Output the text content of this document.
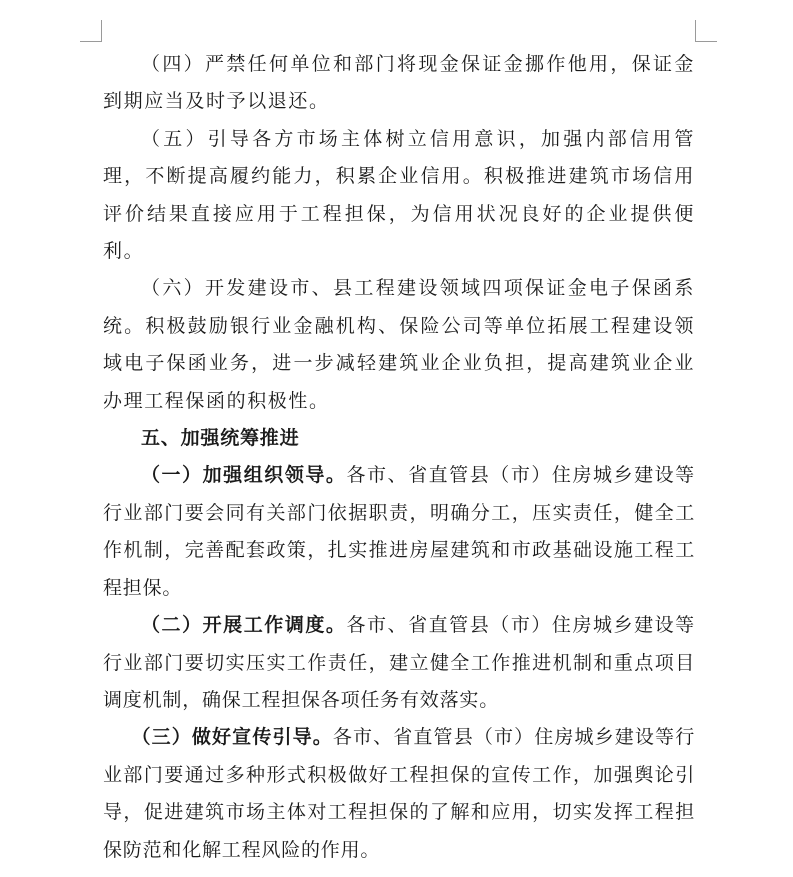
（四）严禁任何单位和部门将现金保证金挪作他用，保证金到期应当及时予以退还。

（五）引导各方市场主体树立信用意识，加强内部信用管理，不断提高履约能力，积累企业信用。积极推进建筑市场信用评价结果直接应用于工程担保，为信用状况良好的企业提供便利。

（六）开发建设市、县工程建设领域四项保证金电子保函系统。积极鼓励银行业金融机构、保险公司等单位拓展工程建设领域电子保函业务，进一步减轻建筑业企业负担，提高建筑业企业办理工程保函的积极性。

五、加强统筹推进

（一）加强组织领导。各市、省直管县（市）住房城乡建设等行业部门要会同有关部门依据职责，明确分工，压实责任，健全工作机制，完善配套政策，扎实推进房屋建筑和市政基础设施工程工程担保。

（二）开展工作调度。各市、省直管县（市）住房城乡建设等行业部门要切实压实工作责任，建立健全工作推进机制和重点项目调度机制，确保工程担保各项任务有效落实。

（三）做好宣传引导。各市、省直管县（市）住房城乡建设等行业部门要通过多种形式积极做好工程担保的宣传工作，加强舆论引导，促进建筑市场主体对工程担保的了解和应用，切实发挥工程担保防范和化解工程风险的作用。
